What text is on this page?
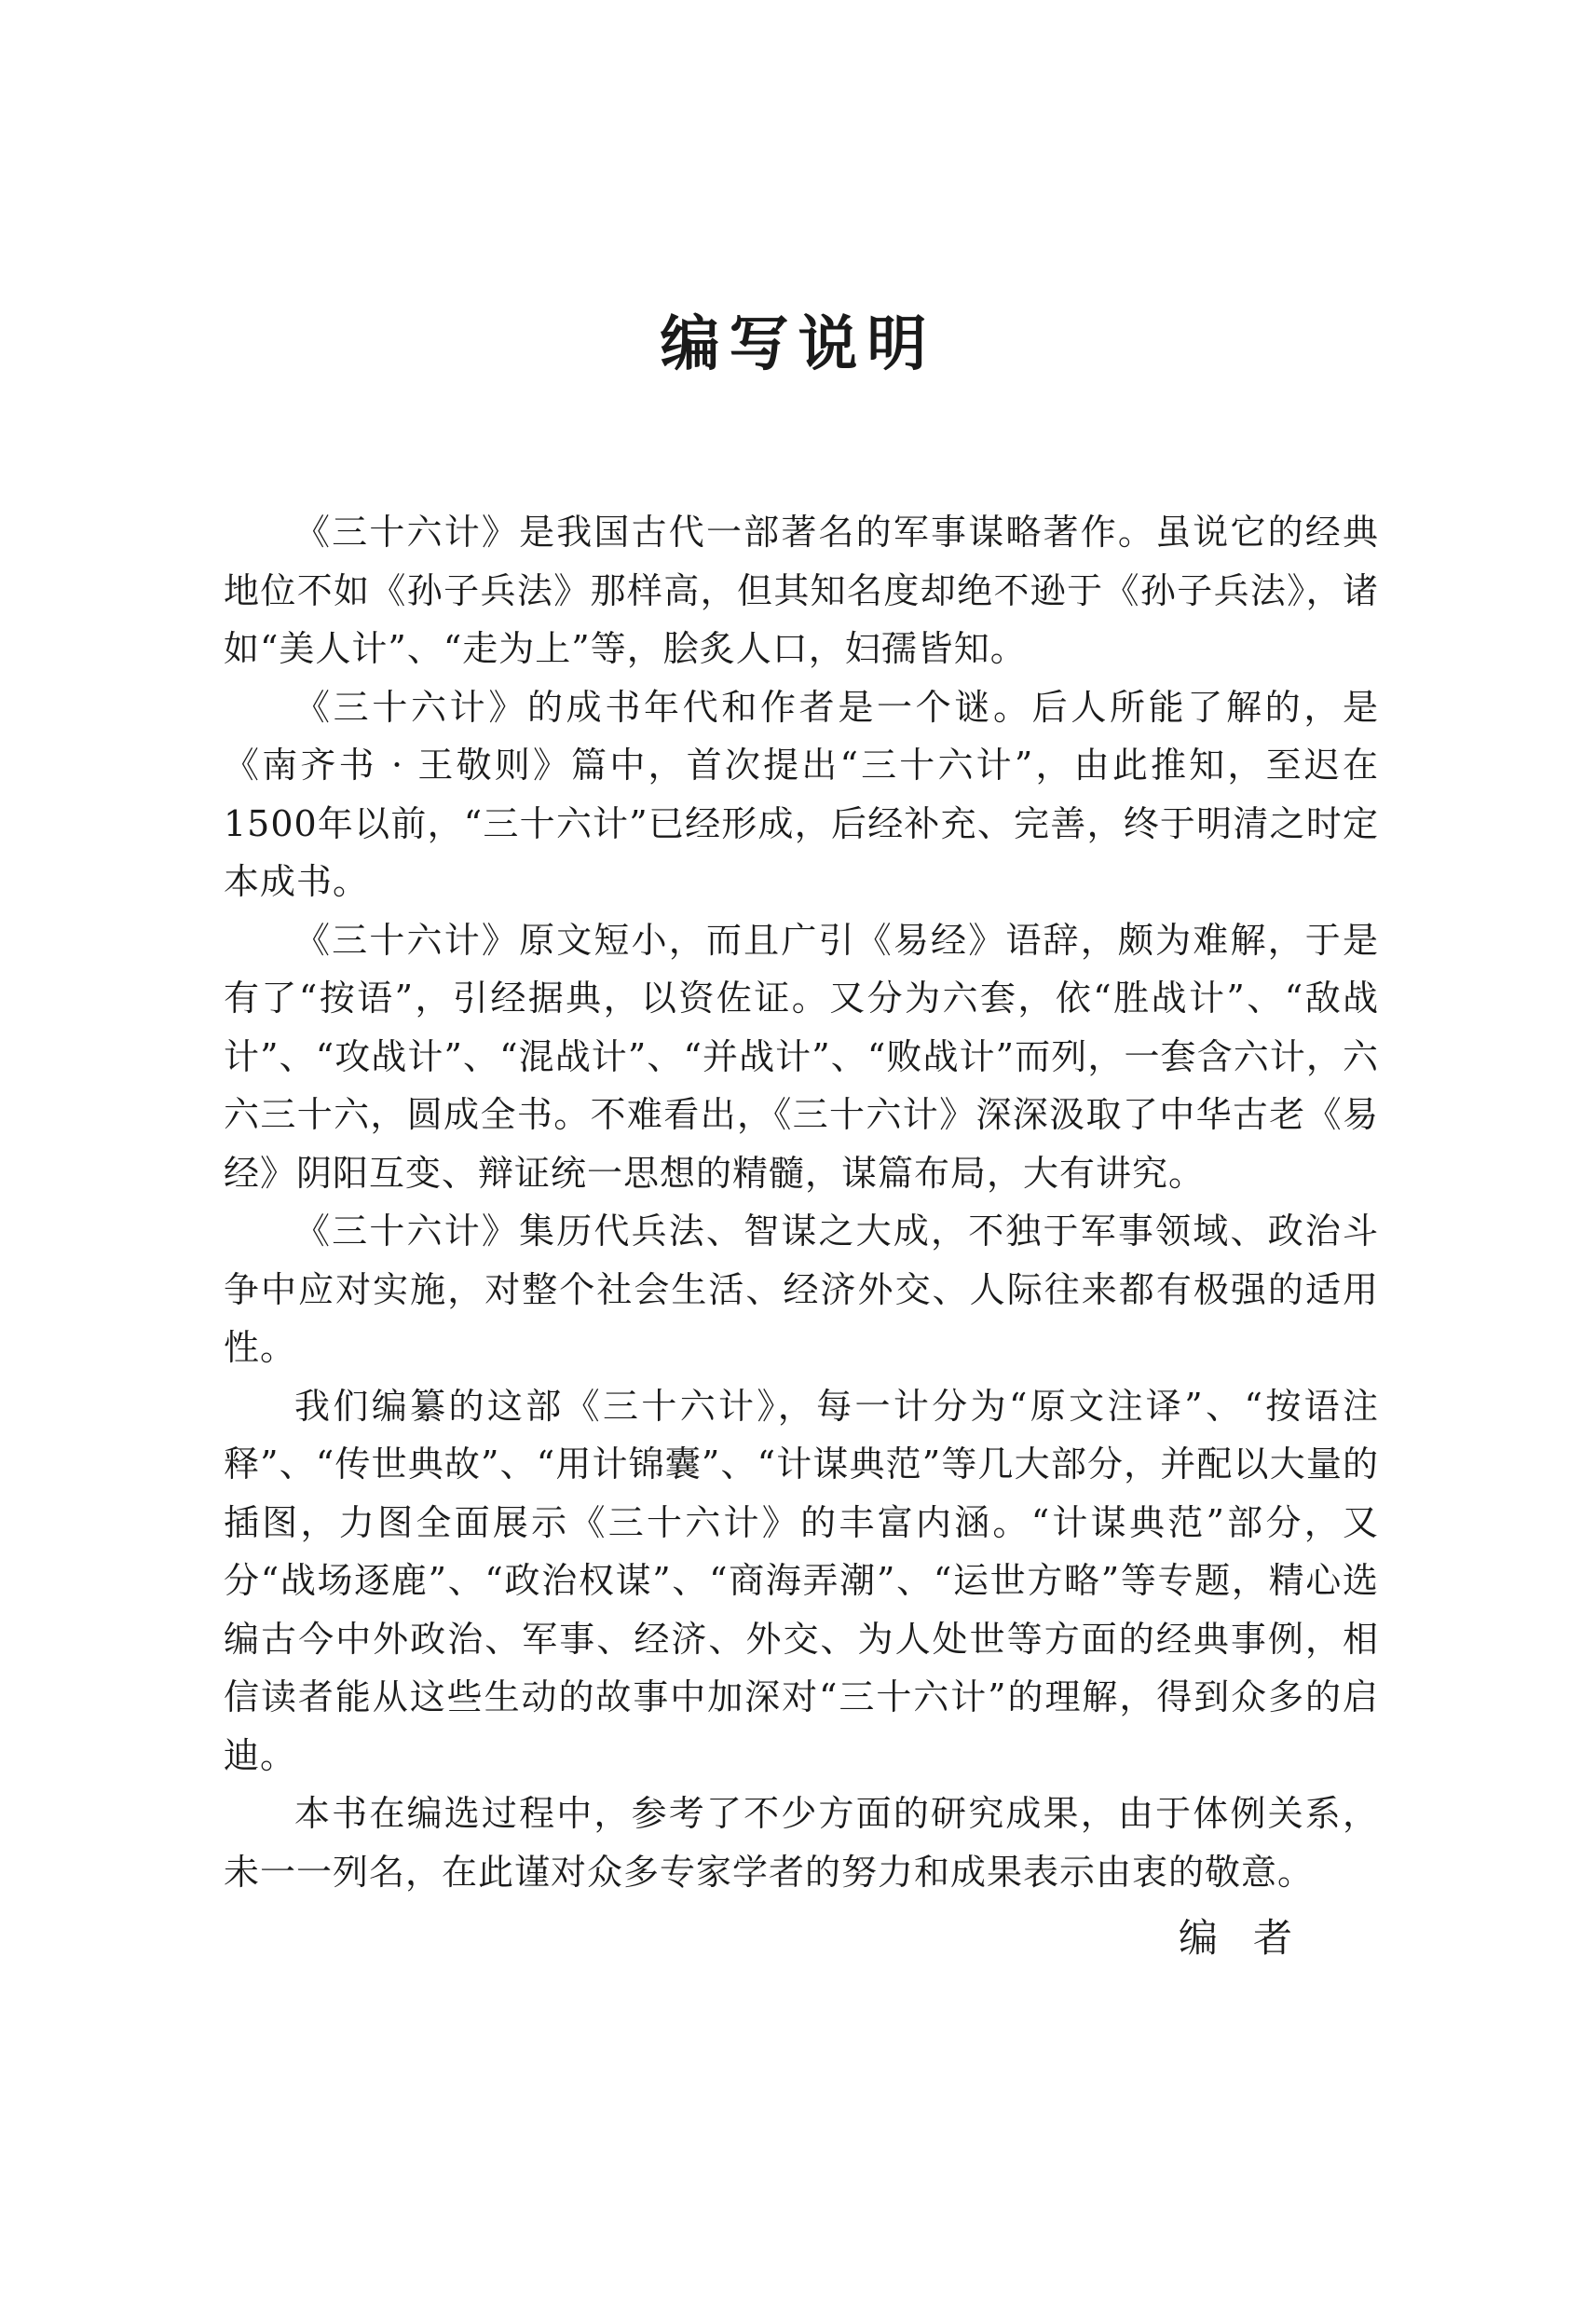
编写说明

《三十六计》是我国古代一部著名的军事谋略著作。虽说它的经典地位不如《孙子兵法》那样高，但其知名度却绝不逊于《孙子兵法》，诸如“美人计”、“走为上”等，脍炙人口，妇孺皆知。

《三十六计》的成书年代和作者是一个谜。后人所能了解的，是《南齐书 · 王敬则》篇中，首次提出“三十六计”，由此推知，至迟在1500年以前，“三十六计”已经形成，后经补充、完善，终于明清之时定本成书。

《三十六计》原文短小，而且广引《易经》语辞，颇为难解，于是有了“按语”，引经据典，以资佐证。又分为六套，依“胜战计”、“敌战计”、“攻战计”、“混战计”、“并战计”、“败战计”而列，一套含六计，六六三十六，圆成全书。不难看出，《三十六计》深深汲取了中华古老《易经》阴阳互变、辩证统一思想的精髓，谋篇布局，大有讲究。

《三十六计》集历代兵法、智谋之大成，不独于军事领域、政治斗争中应对实施，对整个社会生活、经济外交、人际往来都有极强的适用性。

我们编纂的这部《三十六计》，每一计分为“原文注译”、“按语注释”、“传世典故”、“用计锦囊”、“计谋典范”等几大部分，并配以大量的插图，力图全面展示《三十六计》的丰富内涵。“计谋典范”部分，又分“战场逐鹿”、“政治权谋”、“商海弄潮”、“运世方略”等专题，精心选编古今中外政治、军事、经济、外交、为人处世等方面的经典事例，相信读者能从这些生动的故事中加深对“三十六计”的理解，得到众多的启迪。

本书在编选过程中，参考了不少方面的研究成果，由于体例关系，未一一列名，在此谨对众多专家学者的努力和成果表示由衷的敬意。

编者
